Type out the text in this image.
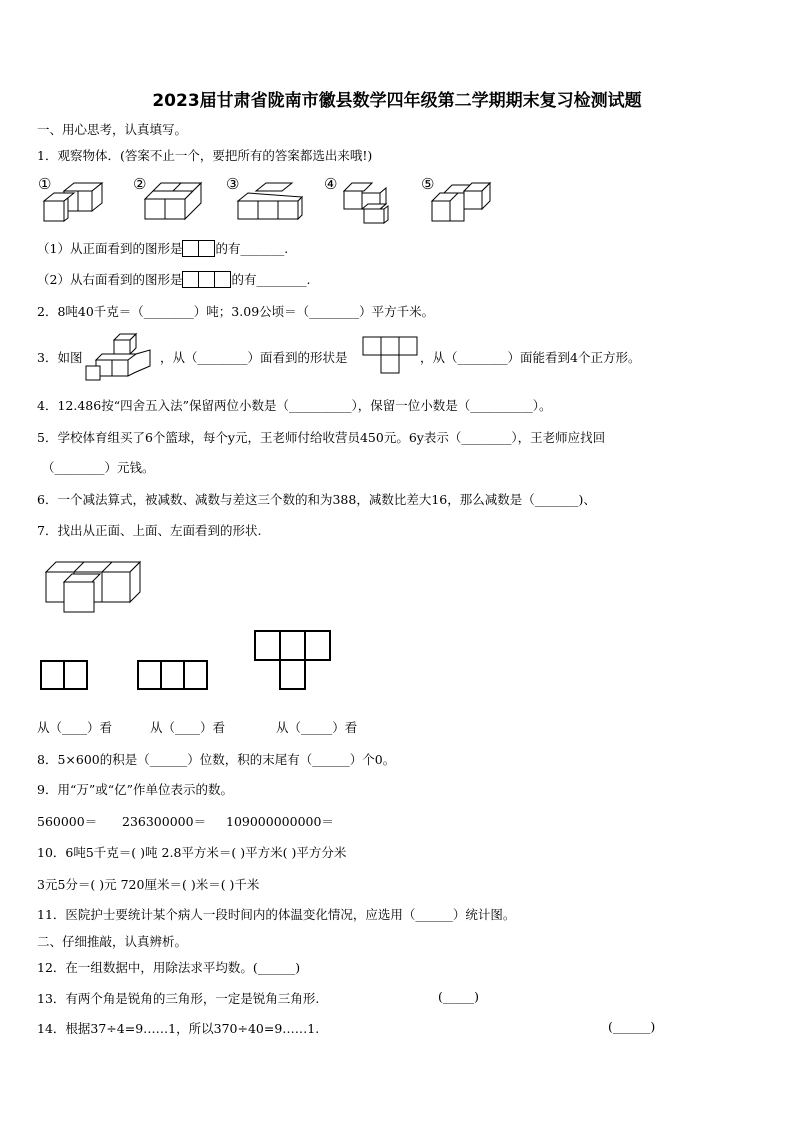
2023届甘肃省陇南市徽县数学四年级第二学期期末复习检测试题
一、用心思考，认真填写。
1．观察物体．(答案不止一个，要把所有的答案都选出来哦!)
①	②	③	④	⑤
（1）从正面看到的图形是	的有_______.
（2）从右面看到的图形是	的有________.
2．8吨40千克＝（________）吨；3.09公顷＝（________）平方千米。
3．如图	，从（________）面看到的形状是	，从（________）面能看到4个正方形。
4．12.486按“四舍五入法”保留两位小数是（__________），保留一位小数是（__________）。
5．学校体育组买了6个篮球，每个y元，王老师付给收营员450元。6y表示（________），王老师应找回
（________）元钱。
6．一个减法算式，被减数、减数与差这三个数的和为388，减数比差大16，那么减数是（_______)、
7．找出从正面、上面、左面看到的形状.
从（____）看	从（____）看	从（_____）看
8．5×600的积是（______）位数，积的末尾有（______）个0。
9．用“万”或“亿”作单位表示的数。
560000＝ 236300000＝ 109000000000＝
10．6吨5千克＝( )吨 2.8平方米＝( )平方米( )平方分米
3元5分＝( )元 720厘米＝( )米＝( )千米
11．医院护士要统计某个病人一段时间内的体温变化情况，应选用（______）统计图。
二、仔细推敲，认真辨析。
12．在一组数据中，用除法求平均数。(______)
13．有两个角是锐角的三角形，一定是锐角三角形.	(_____)
14．根据37÷4=9……1，所以370÷40=9……1.	(______)
